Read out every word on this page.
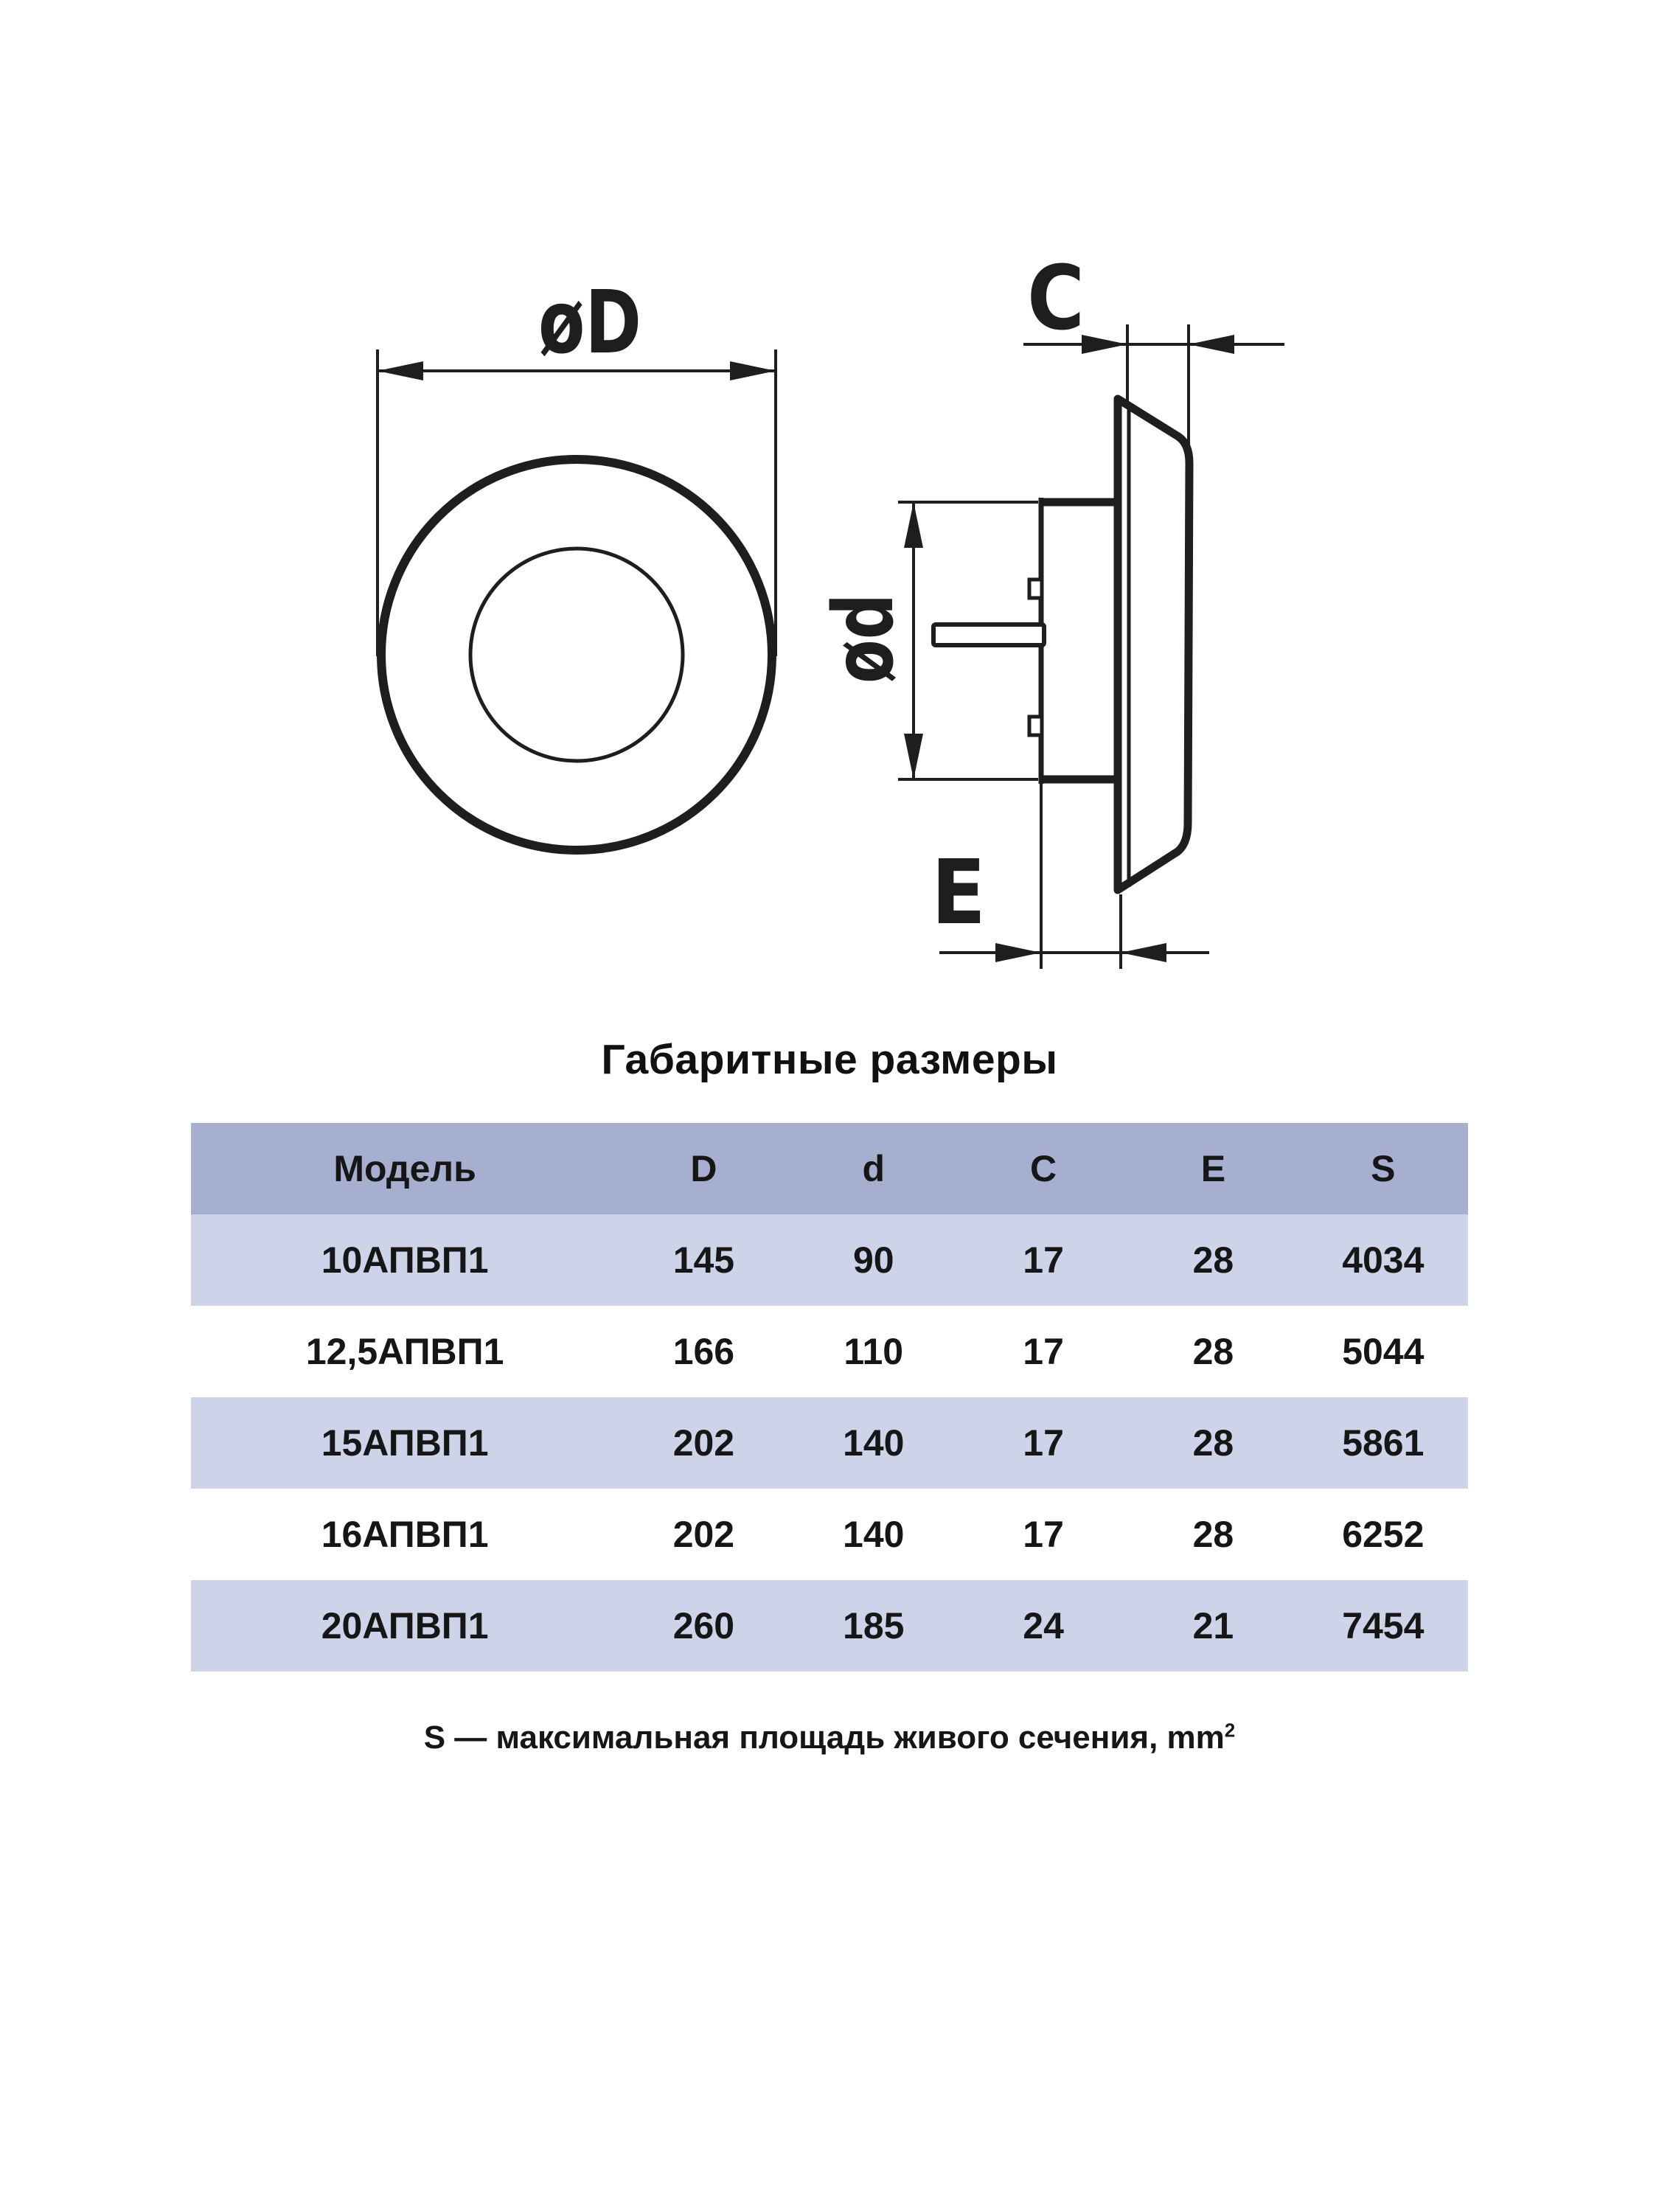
øD	C
ød
E
Габаритные размеры
Модель	D	d	C	E	S
10АПВП1	145	90	17	28	4034
12,5АПВП1	166	110	17	28	5044
15АПВП1	202	140	17	28	5861
16АПВП1	202	140	17	28	6252
20АПВП1	260	185	24	21	7454
S — максимальная площадь живого сечения, $mm^2$
